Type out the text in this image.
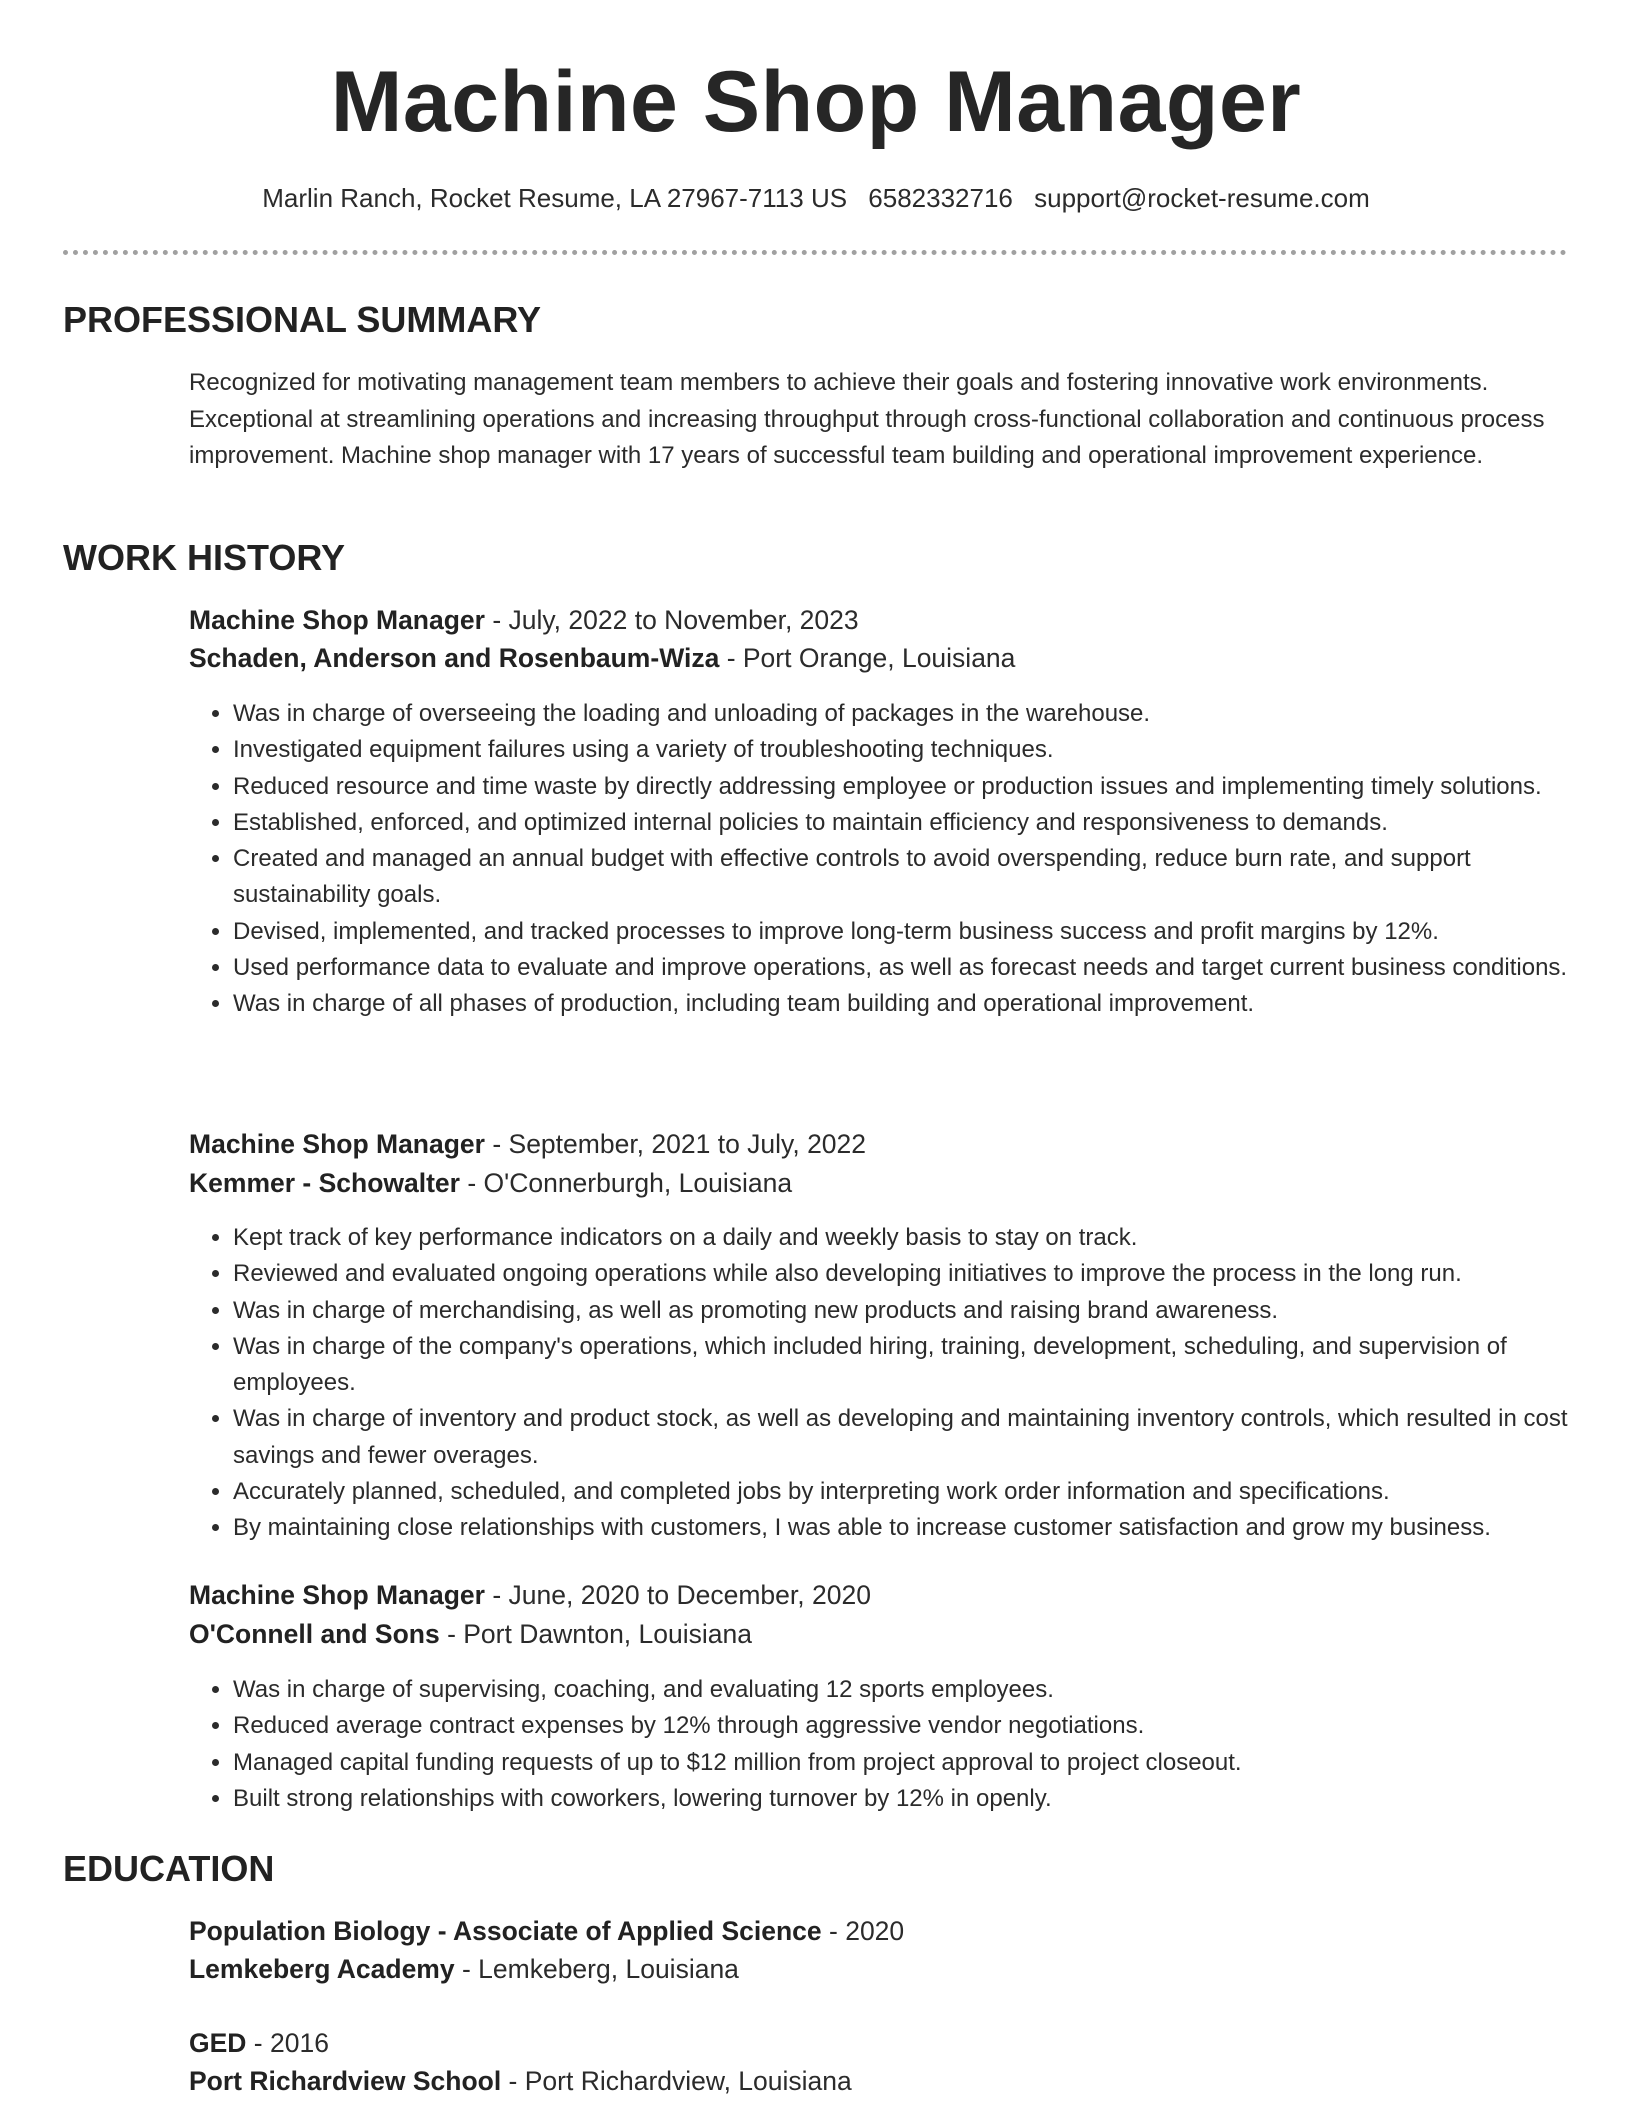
Machine Shop Manager
Marlin Ranch, Rocket Resume, LA 27967-7113 US 6582332716 support@rocket-resume.com
PROFESSIONAL SUMMARY
Recognized for motivating management team members to achieve their goals and fostering innovative work environments. Exceptional at streamlining operations and increasing throughput through cross-functional collaboration and continuous process improvement. Machine shop manager with 17 years of successful team building and operational improvement experience.
WORK HISTORY
Machine Shop Manager - July, 2022 to November, 2023
Schaden, Anderson and Rosenbaum-Wiza - Port Orange, Louisiana
• Was in charge of overseeing the loading and unloading of packages in the warehouse.
• Investigated equipment failures using a variety of troubleshooting techniques.
• Reduced resource and time waste by directly addressing employee or production issues and implementing timely solutions.
• Established, enforced, and optimized internal policies to maintain efficiency and responsiveness to demands.
• Created and managed an annual budget with effective controls to avoid overspending, reduce burn rate, and support sustainability goals.
• Devised, implemented, and tracked processes to improve long-term business success and profit margins by 12%.
• Used performance data to evaluate and improve operations, as well as forecast needs and target current business conditions.
• Was in charge of all phases of production, including team building and operational improvement.
Machine Shop Manager - September, 2021 to July, 2022
Kemmer - Schowalter - O'Connerburgh, Louisiana
• Kept track of key performance indicators on a daily and weekly basis to stay on track.
• Reviewed and evaluated ongoing operations while also developing initiatives to improve the process in the long run.
• Was in charge of merchandising, as well as promoting new products and raising brand awareness.
• Was in charge of the company's operations, which included hiring, training, development, scheduling, and supervision of employees.
• Was in charge of inventory and product stock, as well as developing and maintaining inventory controls, which resulted in cost savings and fewer overages.
• Accurately planned, scheduled, and completed jobs by interpreting work order information and specifications.
• By maintaining close relationships with customers, I was able to increase customer satisfaction and grow my business.
Machine Shop Manager - June, 2020 to December, 2020
O'Connell and Sons - Port Dawnton, Louisiana
• Was in charge of supervising, coaching, and evaluating 12 sports employees.
• Reduced average contract expenses by 12% through aggressive vendor negotiations.
• Managed capital funding requests of up to $12 million from project approval to project closeout.
• Built strong relationships with coworkers, lowering turnover by 12% in openly.
EDUCATION
Population Biology - Associate of Applied Science - 2020
Lemkeberg Academy - Lemkeberg, Louisiana
GED - 2016
Port Richardview School - Port Richardview, Louisiana
